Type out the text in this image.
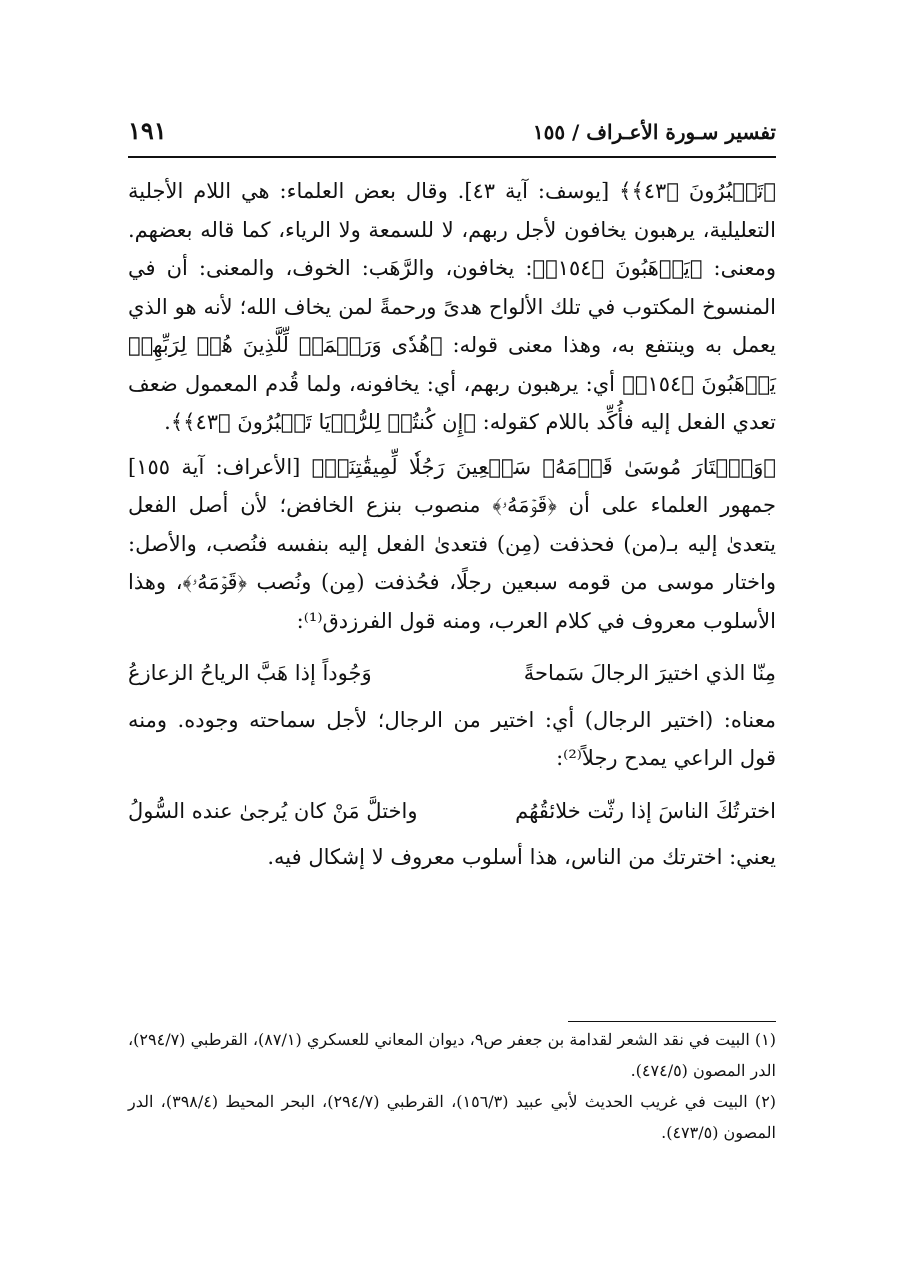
تفسير سـورة الأعـراف / ١٥٥
١٩١

﴿تَعۡبُرُونَ ﴿٤٣﴾﴾ [يوسف: آية ٤٣]. وقال بعض العلماء: هي اللام الأجلية التعليلية، يرهبون يخافون لأجل ربهم، لا للسمعة ولا الرياء، كما قاله بعضهم. ومعنى: ﴿يَرۡهَبُونَ ﴿١٥٤﴾﴾: يخافون، والرَّهَب: الخوف، والمعنى: أن في المنسوخ المكتوب في تلك الألواح هدىً ورحمةً لمن يخاف الله؛ لأنه هو الذي يعمل به وينتفع به، وهذا معنى قوله: ﴿هُدٗى وَرَحۡمَةٞ لِّلَّذِينَ هُمۡ لِرَبِّهِمۡ يَرۡهَبُونَ ﴿١٥٤﴾﴾ أي: يرهبون ربهم، أي: يخافونه، ولما قُدم المعمول ضعف تعدي الفعل إليه فأُكِّد باللام كقوله: ﴿إِن كُنتُمۡ لِلرُّءۡيَا تَعۡبُرُونَ ﴿٤٣﴾﴾.

﴿وَٱخۡتَارَ مُوسَىٰ قَوۡمَهُۥ سَبۡعِينَ رَجُلٗا لِّمِيقَٰتِنَاۖ﴾ [الأعراف: آية ١٥٥] جمهور العلماء على أن ﴿قَوۡمَهُۥ﴾ منصوب بنزع الخافض؛ لأن أصل الفعل يتعدىٰ إليه بـ(من) فحذفت (مِن) فتعدىٰ الفعل إليه بنفسه فنُصب، والأصل: واختار موسى من قومه سبعين رجلًا، فحُذفت (مِن) ونُصب ﴿قَوۡمَهُۥ﴾، وهذا الأسلوب معروف في كلام العرب، ومنه قول الفرزدق⁽¹⁾:

مِنّا الذي اختيرَ الرجالَ سَماحةً
وَجُوداً إذا هَبَّ الرياحُ الزعازعُ

معناه: (اختير الرجال) أي: اختير من الرجال؛ لأجل سماحته وجوده. ومنه قول الراعي يمدح رجلاً⁽²⁾:

اخترتُكَ الناسَ إذا رثّت خلائقُهُم
واختلَّ مَنْ كان يُرجىٰ عنده السُّولُ

يعني: اخترتك من الناس، هذا أسلوب معروف لا إشكال فيه.

(١) البيت في نقد الشعر لقدامة بن جعفر ص٩، ديوان المعاني للعسكري (٨٧/١)، القرطبي (٢٩٤/٧)، الدر المصون (٤٧٤/٥).

(٢) البيت في غريب الحديث لأبي عبيد (١٥٦/٣)، القرطبي (٢٩٤/٧)، البحر المحيط (٣٩٨/٤)، الدر المصون (٤٧٣/٥).
